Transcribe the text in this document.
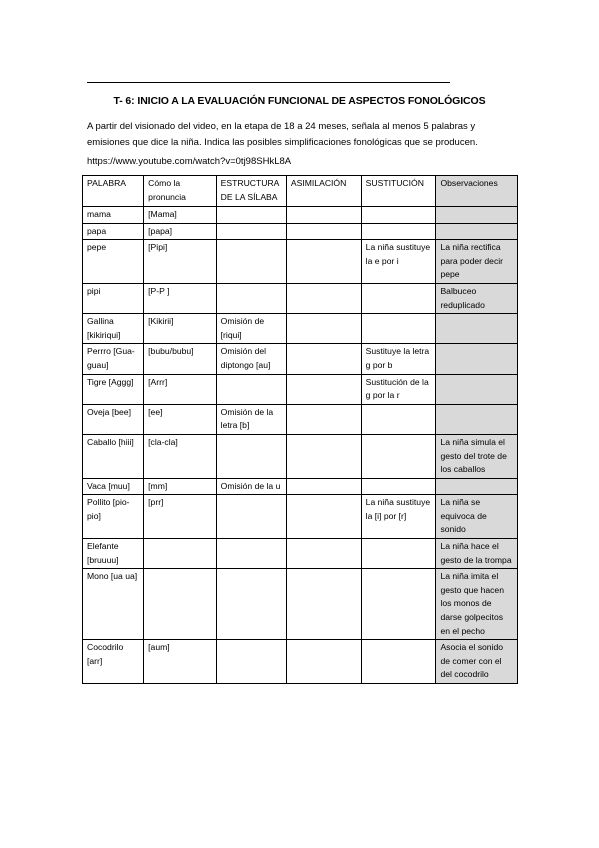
T- 6: INICIO A LA EVALUACIÓN FUNCIONAL DE ASPECTOS FONOLÓGICOS
A partir del visionado del video, en la etapa de 18 a 24 meses, señala al menos 5 palabras y emisiones que dice la niña. Indica las posibles simplificaciones fonológicas que se producen.
https://www.youtube.com/watch?v=0tj98SHkL8A
PALABRA	Cómo la pronuncia	ESTRUCTURA DE LA SÍLABA	ASIMILACIÓN	SUSTITUCIÓN	Observaciones
mama	[Mama]				
papa	[papa]				
pepe	[Pipi]			La niña sustituye la e por i	La niña rectifica para poder decir pepe
pipi	[P-P ]				Balbuceo reduplicado
Gallina [kikiriqui]	[Kikirii]	Omisión de [riqui]			
Perrro [Gua-guau]	[bubu/bubu]	Omisión del diptongo [au]		Sustituye la letra g por b	
Tigre [Aggg]	[Arrr]			Sustitución de la g por la r	
Oveja [bee]	[ee]	Omisión de la letra [b]			
Caballo [hiii]	[cla-cla]				La niña simula el gesto del trote de los caballos
Vaca [muu]	[mm]	Omisión de la u			
Pollito [pio-pio]	[prr]			La niña sustituye la [i] por [r]	La niña se equivoca de sonido
Elefante [bruuuu]					La niña hace el gesto de la trompa
Mono [ua ua]					La niña imita el gesto que hacen los monos de darse golpecitos en el pecho
Cocodrilo [arr]	[aum]				Asocia el sonido de comer con el del cocodrilo
